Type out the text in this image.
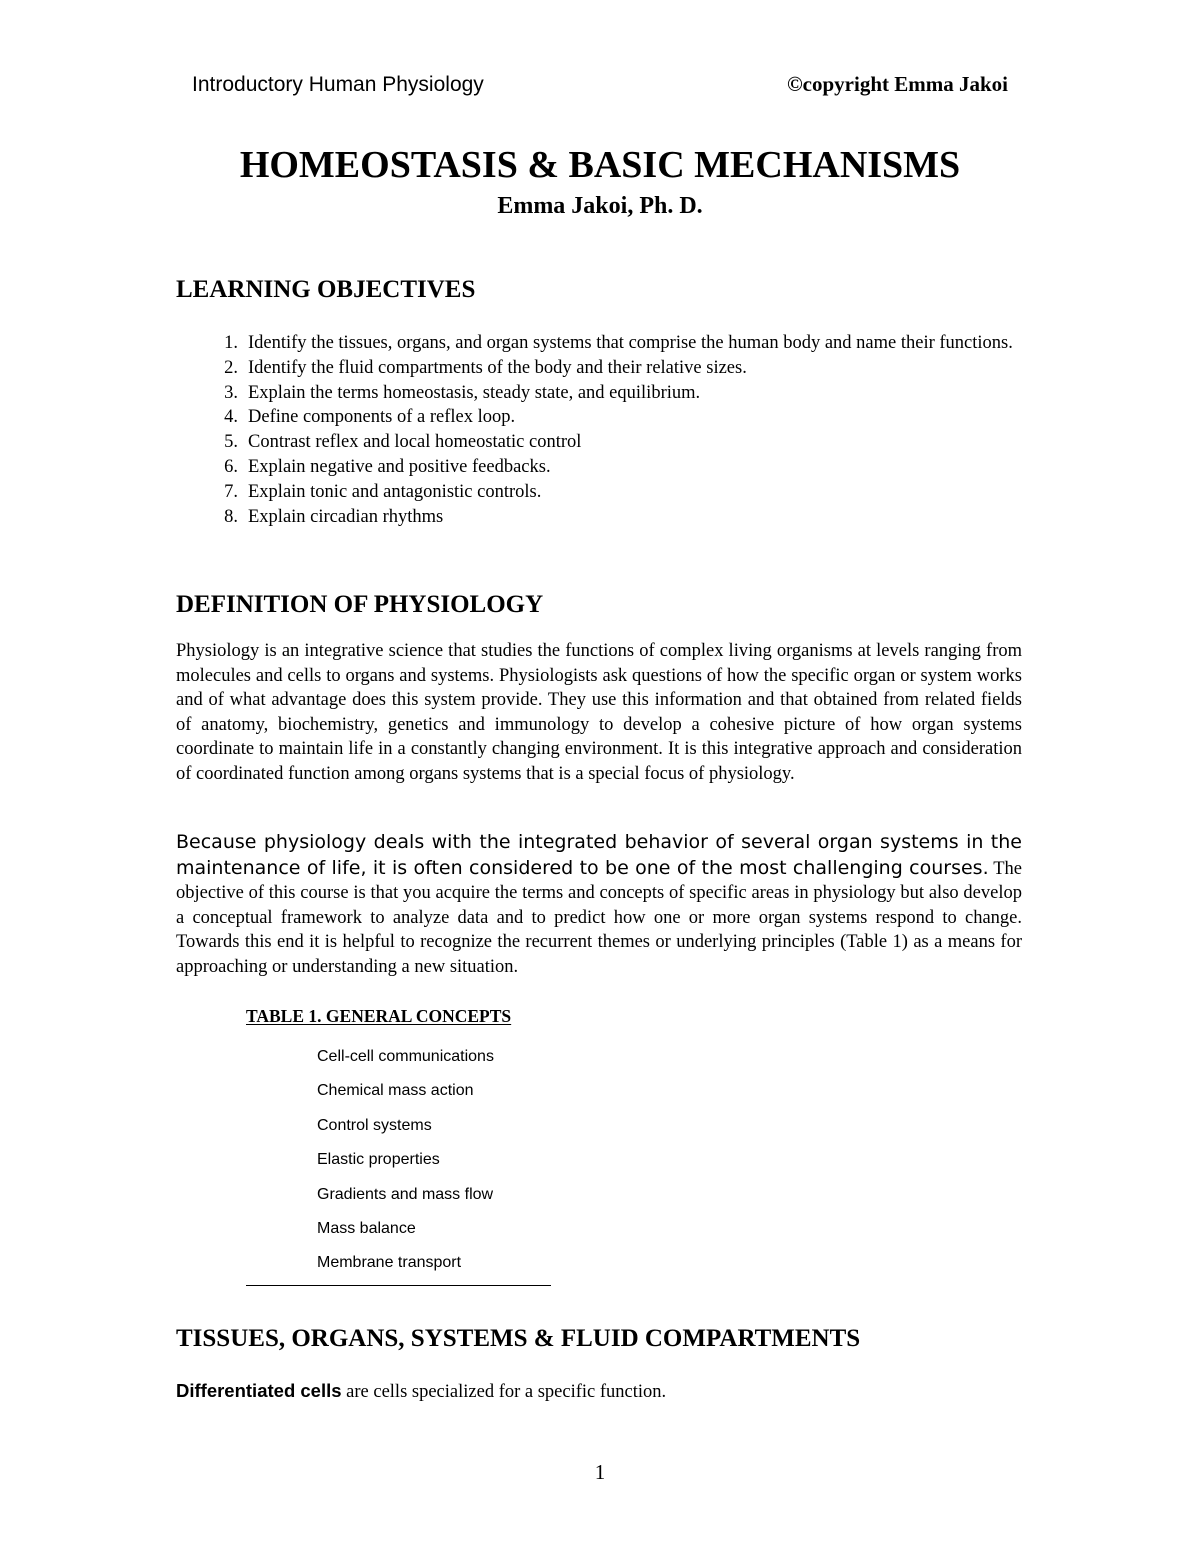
Introductory Human Physiology	©copyright Emma Jakoi
HOMEOSTASIS & BASIC MECHANISMS
Emma Jakoi, Ph. D.
LEARNING OBJECTIVES
1. Identify the tissues, organs, and organ systems that comprise the human body and name their functions.
2. Identify the fluid compartments of the body and their relative sizes.
3. Explain the terms homeostasis, steady state, and equilibrium.
4. Define components of a reflex loop.
5. Contrast reflex and local homeostatic control
6. Explain negative and positive feedbacks.
7. Explain tonic and antagonistic controls.
8. Explain circadian rhythms
DEFINITION OF PHYSIOLOGY

Physiology is an integrative science that studies the functions of complex living organisms at levels ranging from molecules and cells to organs and systems. Physiologists ask questions of how the specific organ or system works and of what advantage does this system provide. They use this information and that obtained from related fields of anatomy, biochemistry, genetics and immunology to develop a cohesive picture of how organ systems coordinate to maintain life in a constantly changing environment. It is this integrative approach and consideration of coordinated function among organs systems that is a special focus of physiology.

Because physiology deals with the integrated behavior of several organ systems in the maintenance of life, it is often considered to be one of the most challenging courses. The objective of this course is that you acquire the terms and concepts of specific areas in physiology but also develop a conceptual framework to analyze data and to predict how one or more organ systems respond to change. Towards this end it is helpful to recognize the recurrent themes or underlying principles (Table 1) as a means for approaching or understanding a new situation.

TABLE 1. GENERAL CONCEPTS
Cell-cell communications
Chemical mass action
Control systems
Elastic properties
Gradients and mass flow
Mass balance
Membrane transport
TISSUES, ORGANS, SYSTEMS & FLUID COMPARTMENTS

Differentiated cells are cells specialized for a specific function.

1
